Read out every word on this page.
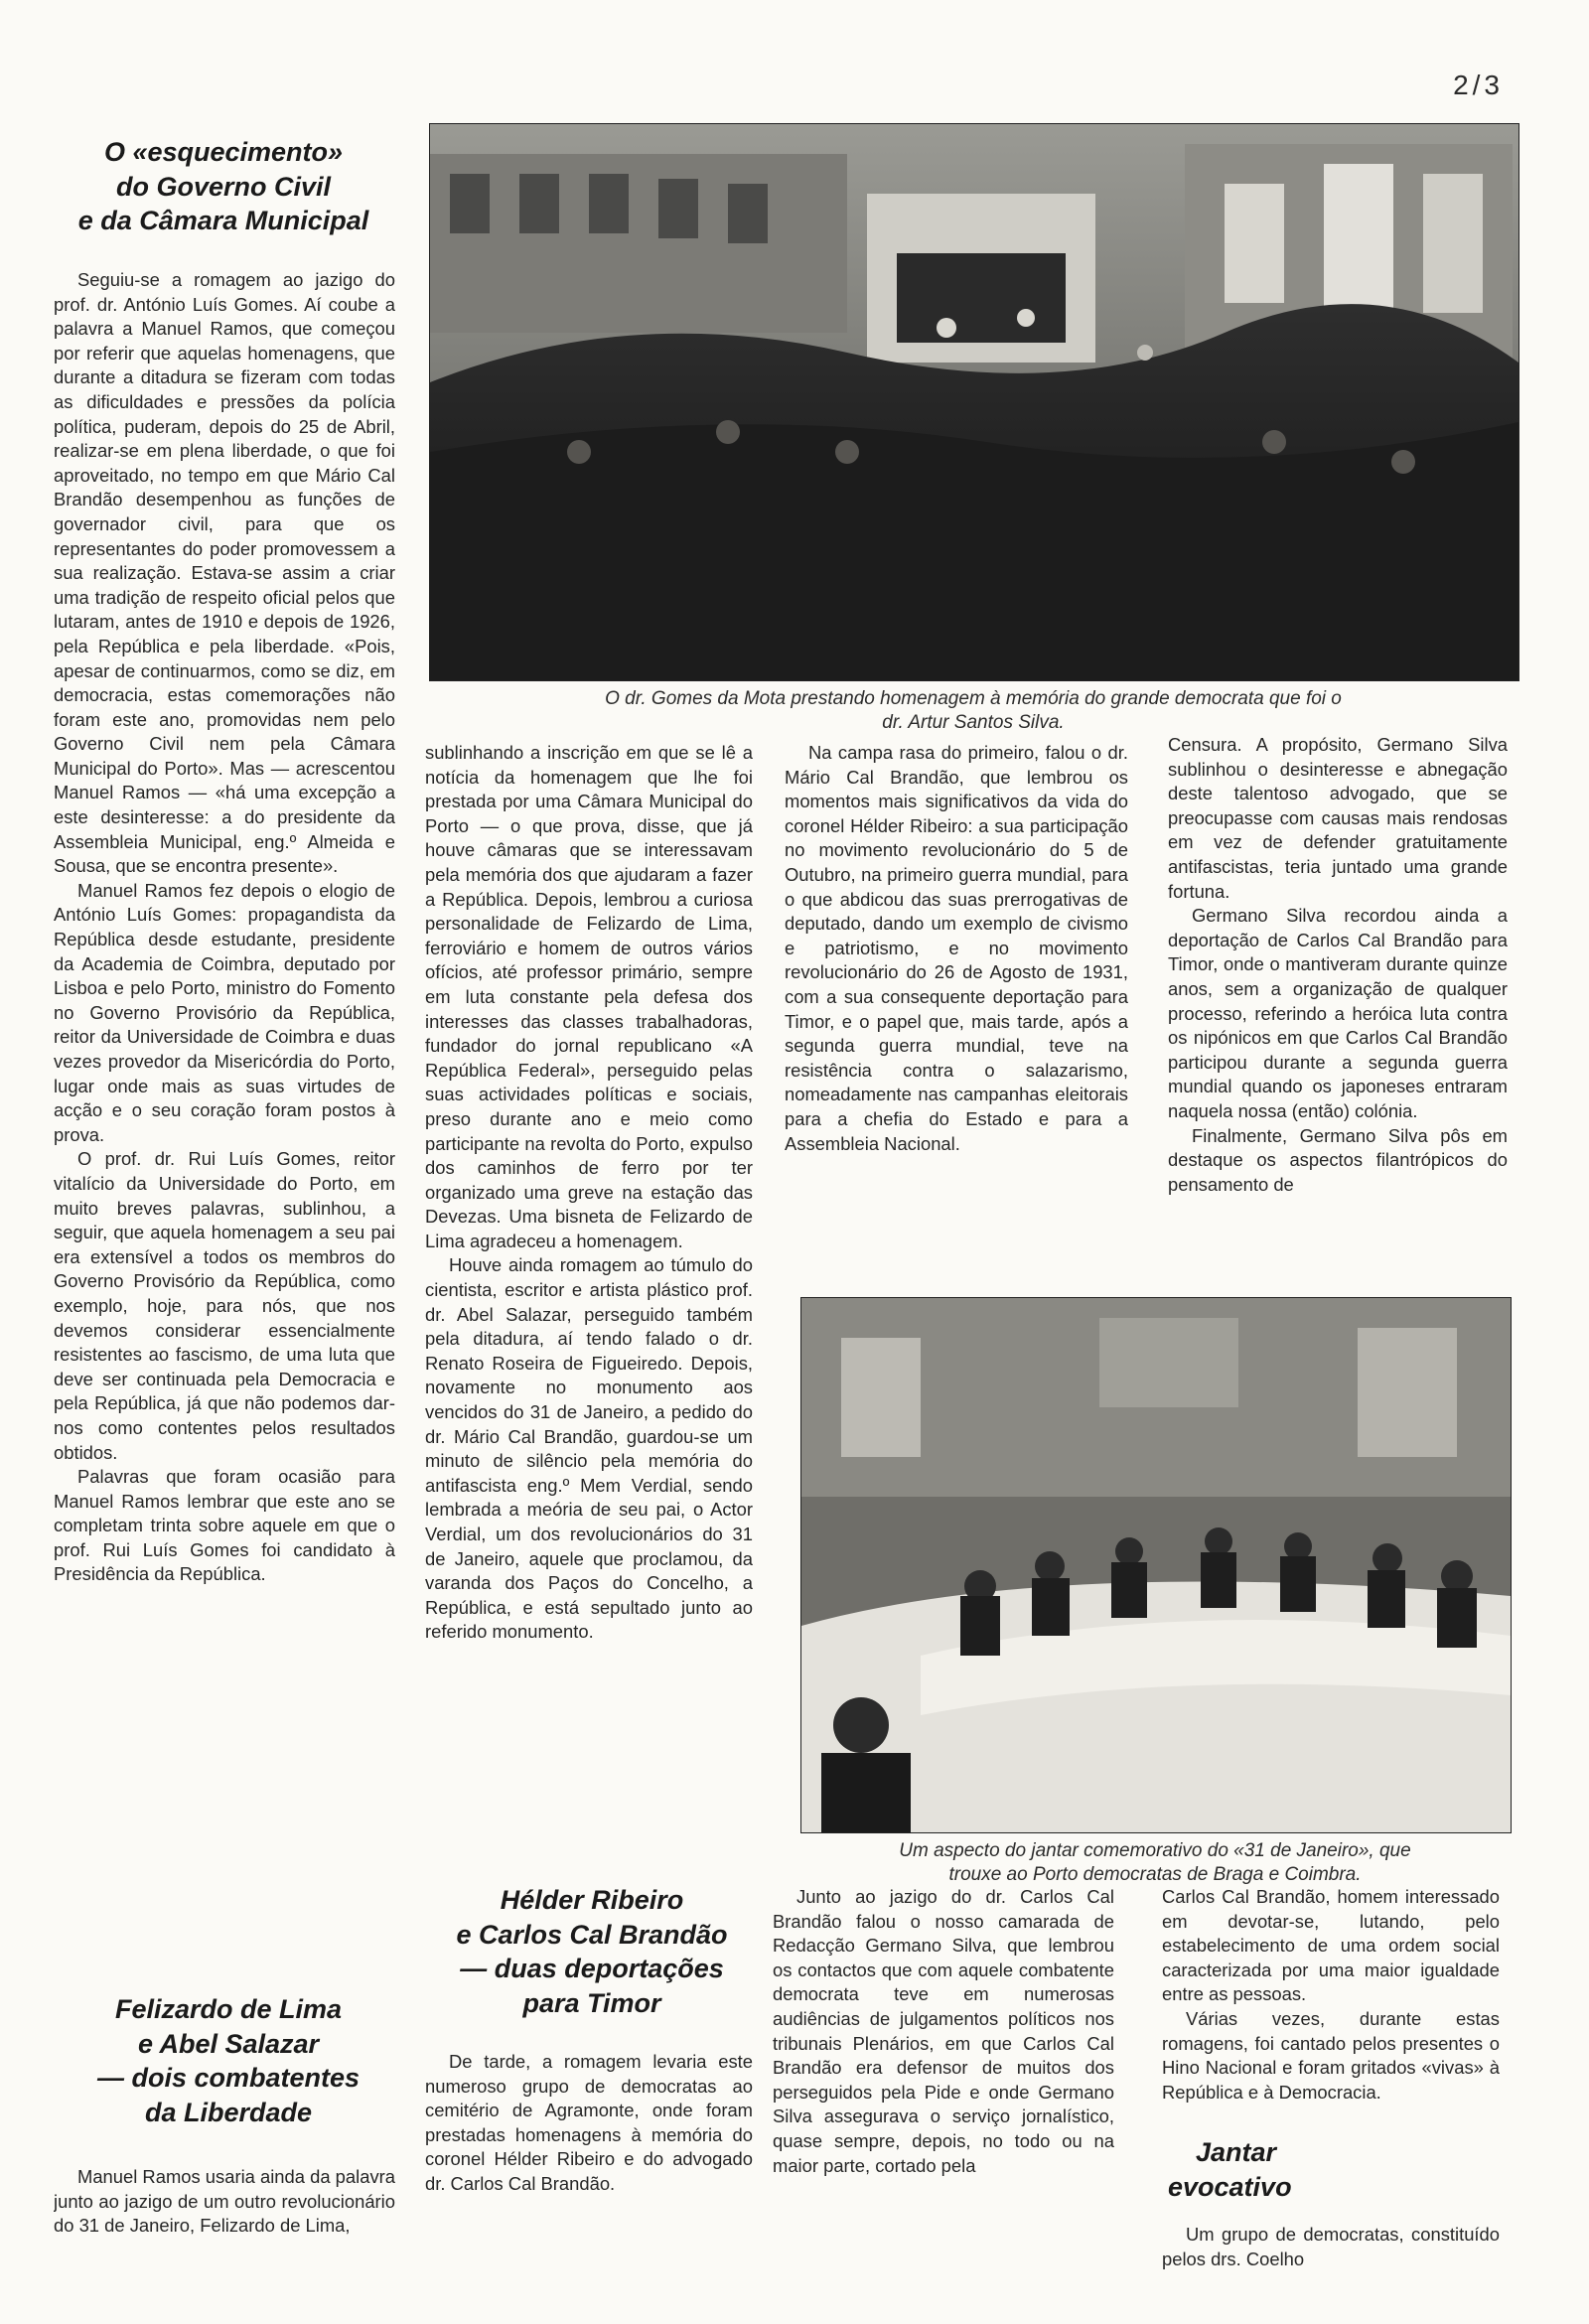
2/3
O «esquecimento»
do Governo Civil
e da Câmara Municipal

Seguiu-se a romagem ao jazigo do prof. dr. António Luís Gomes. Aí coube a palavra a Manuel Ramos, que começou por referir que aquelas homenagens, que durante a ditadura se fizeram com todas as dificuldades e pressões da polícia política, puderam, depois do 25 de Abril, realizar-se em plena liberdade, o que foi aproveitado, no tempo em que Mário Cal Brandão desempenhou as funções de governador civil, para que os representantes do poder promovessem a sua realização. Estava-se assim a criar uma tradição de respeito oficial pelos que lutaram, antes de 1910 e depois de 1926, pela República e pela liberdade. «Pois, apesar de continuarmos, como se diz, em democracia, estas comemorações não foram este ano, promovidas nem pelo Governo Civil nem pela Câmara Municipal do Porto». Mas — acrescentou Manuel Ramos — «há uma excepção a este desinteresse: a do presidente da Assembleia Municipal, eng.º Almeida e Sousa, que se encontra presente».

Manuel Ramos fez depois o elogio de António Luís Gomes: propagandista da República desde estudante, presidente da Academia de Coimbra, deputado por Lisboa e pelo Porto, ministro do Fomento no Governo Provisório da República, reitor da Universidade de Coimbra e duas vezes provedor da Misericórdia do Porto, lugar onde mais as suas virtudes de acção e o seu coração foram postos à prova.

O prof. dr. Rui Luís Gomes, reitor vitalício da Universidade do Porto, em muito breves palavras, sublinhou, a seguir, que aquela homenagem a seu pai era extensível a todos os membros do Governo Provisório da República, como exemplo, hoje, para nós, que nos devemos considerar essencialmente resistentes ao fascismo, de uma luta que deve ser continuada pela Democracia e pela República, já que não podemos dar-nos como contentes pelos resultados obtidos.

Palavras que foram ocasião para Manuel Ramos lembrar que este ano se completam trinta sobre aquele em que o prof. Rui Luís Gomes foi candidato à Presidência da República.

Felizardo de Lima
e Abel Salazar
— dois combatentes
da Liberdade

Manuel Ramos usaria ainda da palavra junto ao jazigo de um outro revolucionário do 31 de Janeiro, Felizardo de Lima,

O dr. Gomes da Mota prestando homenagem à memória do grande democrata que foi o
dr. Artur Santos Silva.

sublinhando a inscrição em que se lê a notícia da homenagem que lhe foi prestada por uma Câmara Municipal do Porto — o que prova, disse, que já houve câmaras que se interessavam pela memória dos que ajudaram a fazer a República. Depois, lembrou a curiosa personalidade de Felizardo de Lima, ferroviário e homem de outros vários ofícios, até professor primário, sempre em luta constante pela defesa dos interesses das classes trabalhadoras, fundador do jornal republicano «A República Federal», perseguido pelas suas actividades políticas e sociais, preso durante ano e meio como participante na revolta do Porto, expulso dos caminhos de ferro por ter organizado uma greve na estação das Devezas. Uma bisneta de Felizardo de Lima agradeceu a homenagem.

Houve ainda romagem ao túmulo do cientista, escritor e artista plástico prof. dr. Abel Salazar, perseguido também pela ditadura, aí tendo falado o dr. Renato Roseira de Figueiredo. Depois, novamente no monumento aos vencidos do 31 de Janeiro, a pedido do dr. Mário Cal Brandão, guardou-se um minuto de silêncio pela memória do antifascista eng.º Mem Verdial, sendo lembrada a meória de seu pai, o Actor Verdial, um dos revolucionários do 31 de Janeiro, aquele que proclamou, da varanda dos Paços do Concelho, a República, e está sepultado junto ao referido monumento.

Hélder Ribeiro
e Carlos Cal Brandão
— duas deportações
para Timor

De tarde, a romagem levaria este numeroso grupo de democratas ao cemitério de Agramonte, onde foram prestadas homenagens à memória do coronel Hélder Ribeiro e do advogado dr. Carlos Cal Brandão.

Na campa rasa do primeiro, falou o dr. Mário Cal Brandão, que lembrou os momentos mais significativos da vida do coronel Hélder Ribeiro: a sua participação no movimento revolucionário do 5 de Outubro, na primeiro guerra mundial, para o que abdicou das suas prerrogativas de deputado, dando um exemplo de civismo e patriotismo, e no movimento revolucionário do 26 de Agosto de 1931, com a sua consequente deportação para Timor, e o papel que, mais tarde, após a segunda guerra mundial, teve na resistência contra o salazarismo, nomeadamente nas campanhas eleitorais para a chefia do Estado e para a Assembleia Nacional.

Censura. A propósito, Germano Silva sublinhou o desinteresse e abnegação deste talentoso advogado, que se preocupasse com causas mais rendosas em vez de defender gratuitamente antifascistas, teria juntado uma grande fortuna.

Germano Silva recordou ainda a deportação de Carlos Cal Brandão para Timor, onde o mantiveram durante quinze anos, sem a organização de qualquer processo, referindo a heróica luta contra os nipónicos em que Carlos Cal Brandão participou durante a segunda guerra mundial quando os japoneses entraram naquela nossa (então) colónia.

Finalmente, Germano Silva pôs em destaque os aspectos filantrópicos do pensamento de

Um aspecto do jantar comemorativo do «31 de Janeiro», que
trouxe ao Porto democratas de Braga e Coimbra.

Junto ao jazigo do dr. Carlos Cal Brandão falou o nosso camarada de Redacção Germano Silva, que lembrou os contactos que com aquele combatente democrata teve em numerosas audiências de julgamentos políticos nos tribunais Plenários, em que Carlos Cal Brandão era defensor de muitos dos perseguidos pela Pide e onde Germano Silva assegurava o serviço jornalístico, quase sempre, depois, no todo ou na maior parte, cortado pela

Carlos Cal Brandão, homem interessado em devotar-se, lutando, pelo estabelecimento de uma ordem social caracterizada por uma maior igualdade entre as pessoas.

Várias vezes, durante estas romagens, foi cantado pelos presentes o Hino Nacional e foram gritados «vivas» à República e à Democracia.

Jantar
evocativo

Um grupo de democratas, constituído pelos drs. Coelho
